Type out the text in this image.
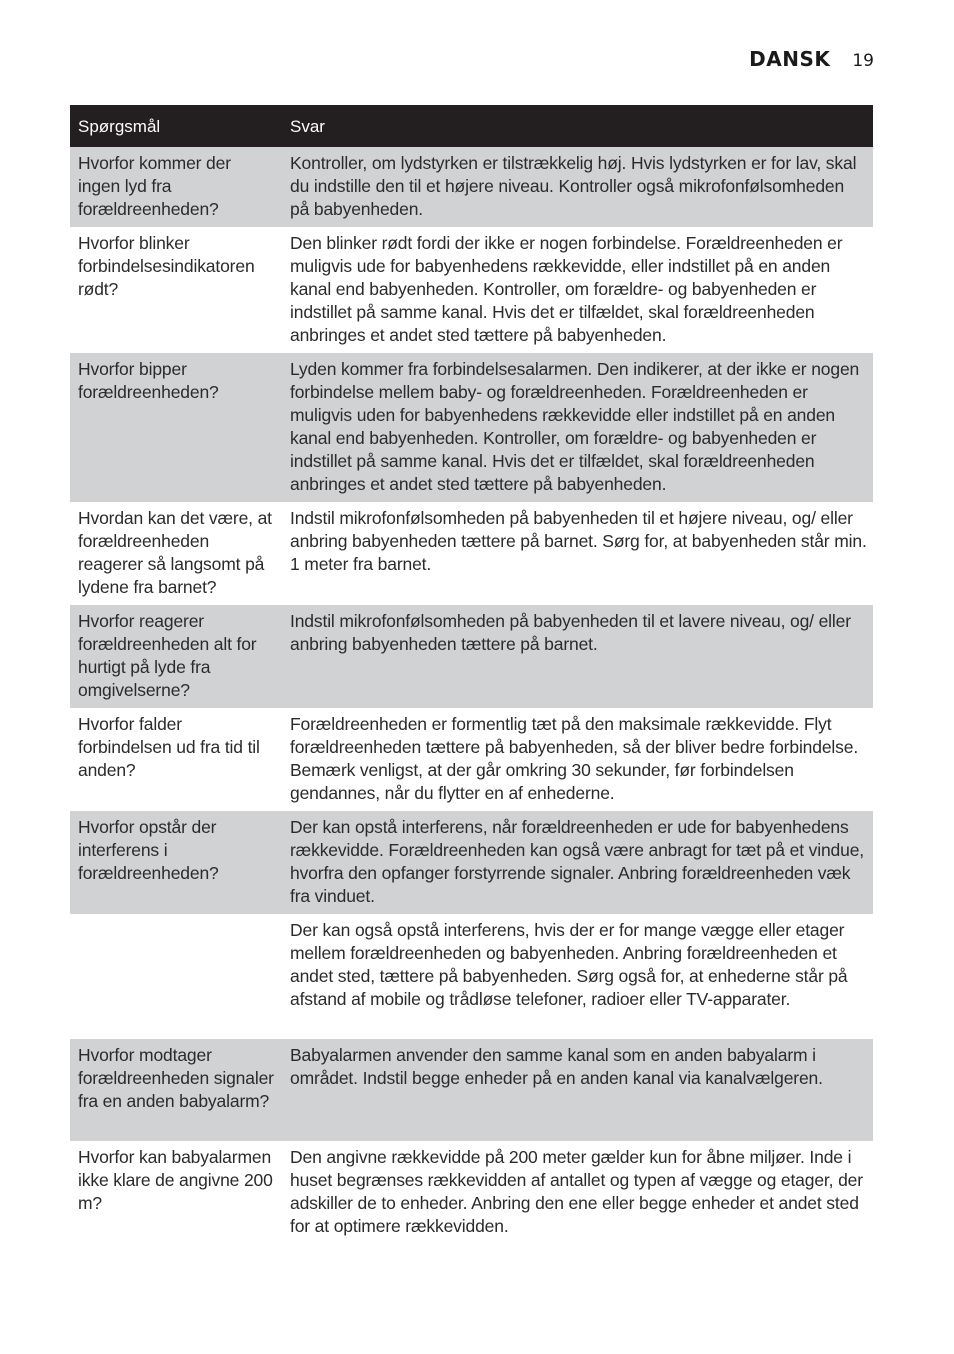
DANSK 19
Spørgsmål	Svar
Hvorfor kommer der ingen lyd fra forældreenheden?	Kontroller, om lydstyrken er tilstrækkelig høj. Hvis lydstyrken er for lav, skal du indstille den til et højere niveau. Kontroller også mikrofonfølsomheden på babyenheden.
Hvorfor blinker forbindelsesindikatoren rødt?	Den blinker rødt fordi der ikke er nogen forbindelse. Forældreenheden er muligvis ude for babyenhedens rækkevidde, eller indstillet på en anden kanal end babyenheden. Kontroller, om forældre- og babyenheden er indstillet på samme kanal. Hvis det er tilfældet, skal forældreenheden anbringes et andet sted tættere på babyenheden.
Hvorfor bipper forældreenheden?	Lyden kommer fra forbindelsesalarmen. Den indikerer, at der ikke er nogen forbindelse mellem baby- og forældreenheden. Forældreenheden er muligvis uden for babyenhedens rækkevidde eller indstillet på en anden kanal end babyenheden. Kontroller, om forældre- og babyenheden er indstillet på samme kanal. Hvis det er tilfældet, skal forældreenheden anbringes et andet sted tættere på babyenheden.
Hvordan kan det være, at forældreenheden reagerer så langsomt på lydene fra barnet?	Indstil mikrofonfølsomheden på babyenheden til et højere niveau, og/ eller anbring babyenheden tættere på barnet. Sørg for, at babyenheden står min. 1 meter fra barnet.
Hvorfor reagerer forældreenheden alt for hurtigt på lyde fra omgivelserne?	Indstil mikrofonfølsomheden på babyenheden til et lavere niveau, og/ eller anbring babyenheden tættere på barnet.
Hvorfor falder forbindelsen ud fra tid til anden?	Forældreenheden er formentlig tæt på den maksimale rækkevidde. Flyt forældreenheden tættere på babyenheden, så der bliver bedre forbindelse. Bemærk venligst, at der går omkring 30 sekunder, før forbindelsen gendannes, når du flytter en af enhederne.
Hvorfor opstår der interferens i forældreenheden?	Der kan opstå interferens, når forældreenheden er ude for babyenhedens rækkevidde. Forældreenheden kan også være anbragt for tæt på et vindue, hvorfra den opfanger forstyrrende signaler. Anbring forældreenheden væk fra vinduet.
	Der kan også opstå interferens, hvis der er for mange vægge eller etager mellem forældreenheden og babyenheden. Anbring forældreenheden et andet sted, tættere på babyenheden. Sørg også for, at enhederne står på afstand af mobile og trådløse telefoner, radioer eller TV-apparater.
Hvorfor modtager forældreenheden signaler fra en anden babyalarm?	Babyalarmen anvender den samme kanal som en anden babyalarm i området. Indstil begge enheder på en anden kanal via kanalvælgeren.
Hvorfor kan babyalarmen ikke klare de angivne 200 m?	Den angivne rækkevidde på 200 meter gælder kun for åbne miljøer. Inde i huset begrænses rækkevidden af antallet og typen af vægge og etager, der adskiller de to enheder. Anbring den ene eller begge enheder et andet sted for at optimere rækkevidden.
